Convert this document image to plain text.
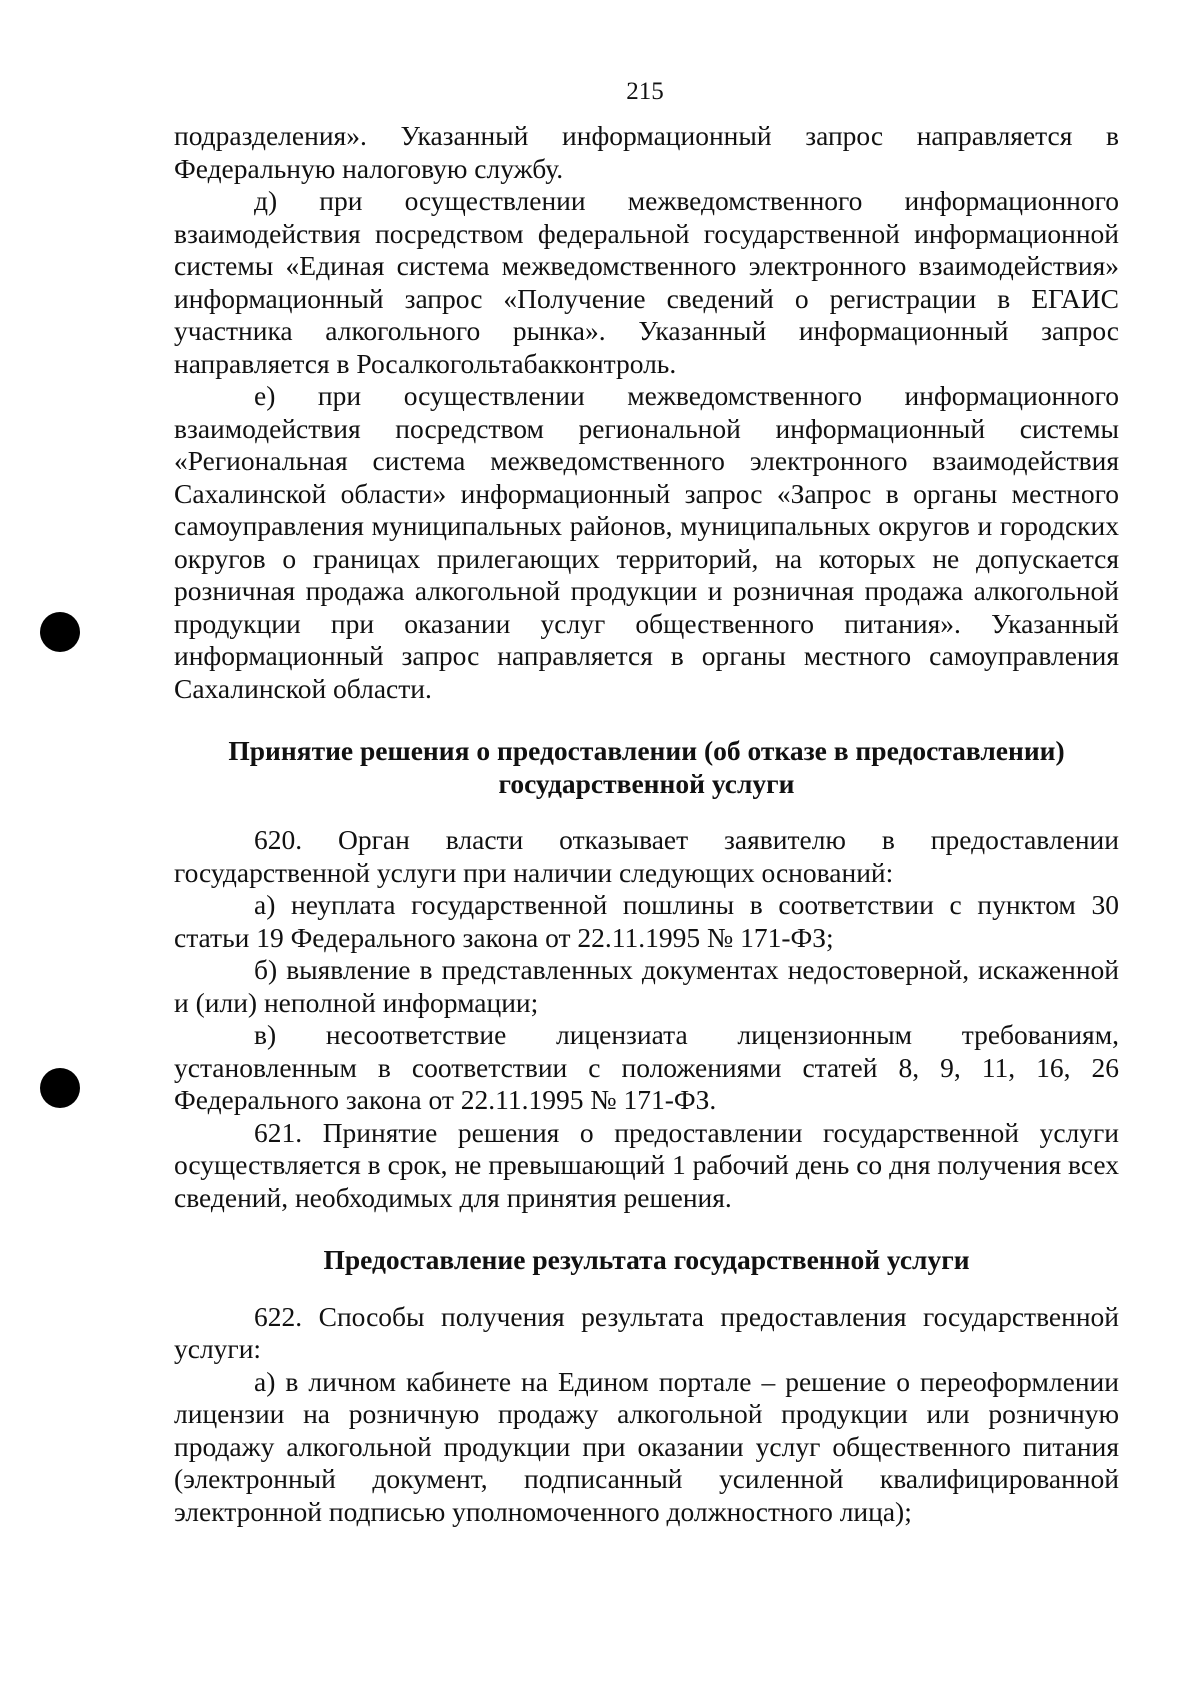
215

подразделения». Указанный информационный запрос направляется в Федеральную налоговую службу.

д) при осуществлении межведомственного информационного взаимодействия посредством федеральной государственной информационной системы «Единая система межведомственного электронного взаимодействия» информационный запрос «Получение сведений о регистрации в ЕГАИС участника алкогольного рынка». Указанный информационный запрос направляется в Росалкогольтабакконтроль.

е) при осуществлении межведомственного информационного взаимодействия посредством региональной информационный системы «Региональная система межведомственного электронного взаимодействия Сахалинской области» информационный запрос «Запрос в органы местного самоуправления муниципальных районов, муниципальных округов и городских округов о границах прилегающих территорий, на которых не допускается розничная продажа алкогольной продукции и розничная продажа алкогольной продукции при оказании услуг общественного питания». Указанный информационный запрос направляется в органы местного самоуправления Сахалинской области.

Принятие решения о предоставлении (об отказе в предоставлении)
государственной услуги

620. Орган власти отказывает заявителю в предоставлении государственной услуги при наличии следующих оснований:

а) неуплата государственной пошлины в соответствии с пунктом 30 статьи 19 Федерального закона от 22.11.1995 № 171-ФЗ;

б) выявление в представленных документах недостоверной, искаженной и (или) неполной информации;

в) несоответствие лицензиата лицензионным требованиям, установленным в соответствии с положениями статей 8, 9, 11, 16, 26 Федерального закона от 22.11.1995 № 171-ФЗ.

621. Принятие решения о предоставлении государственной услуги осуществляется в срок, не превышающий 1 рабочий день со дня получения всех сведений, необходимых для принятия решения.

Предоставление результата государственной услуги

622. Способы получения результата предоставления государственной услуги:

а) в личном кабинете на Едином портале – решение о переоформлении лицензии на розничную продажу алкогольной продукции или розничную продажу алкогольной продукции при оказании услуг общественного питания (электронный документ, подписанный усиленной квалифицированной электронной подписью уполномоченного должностного лица);
